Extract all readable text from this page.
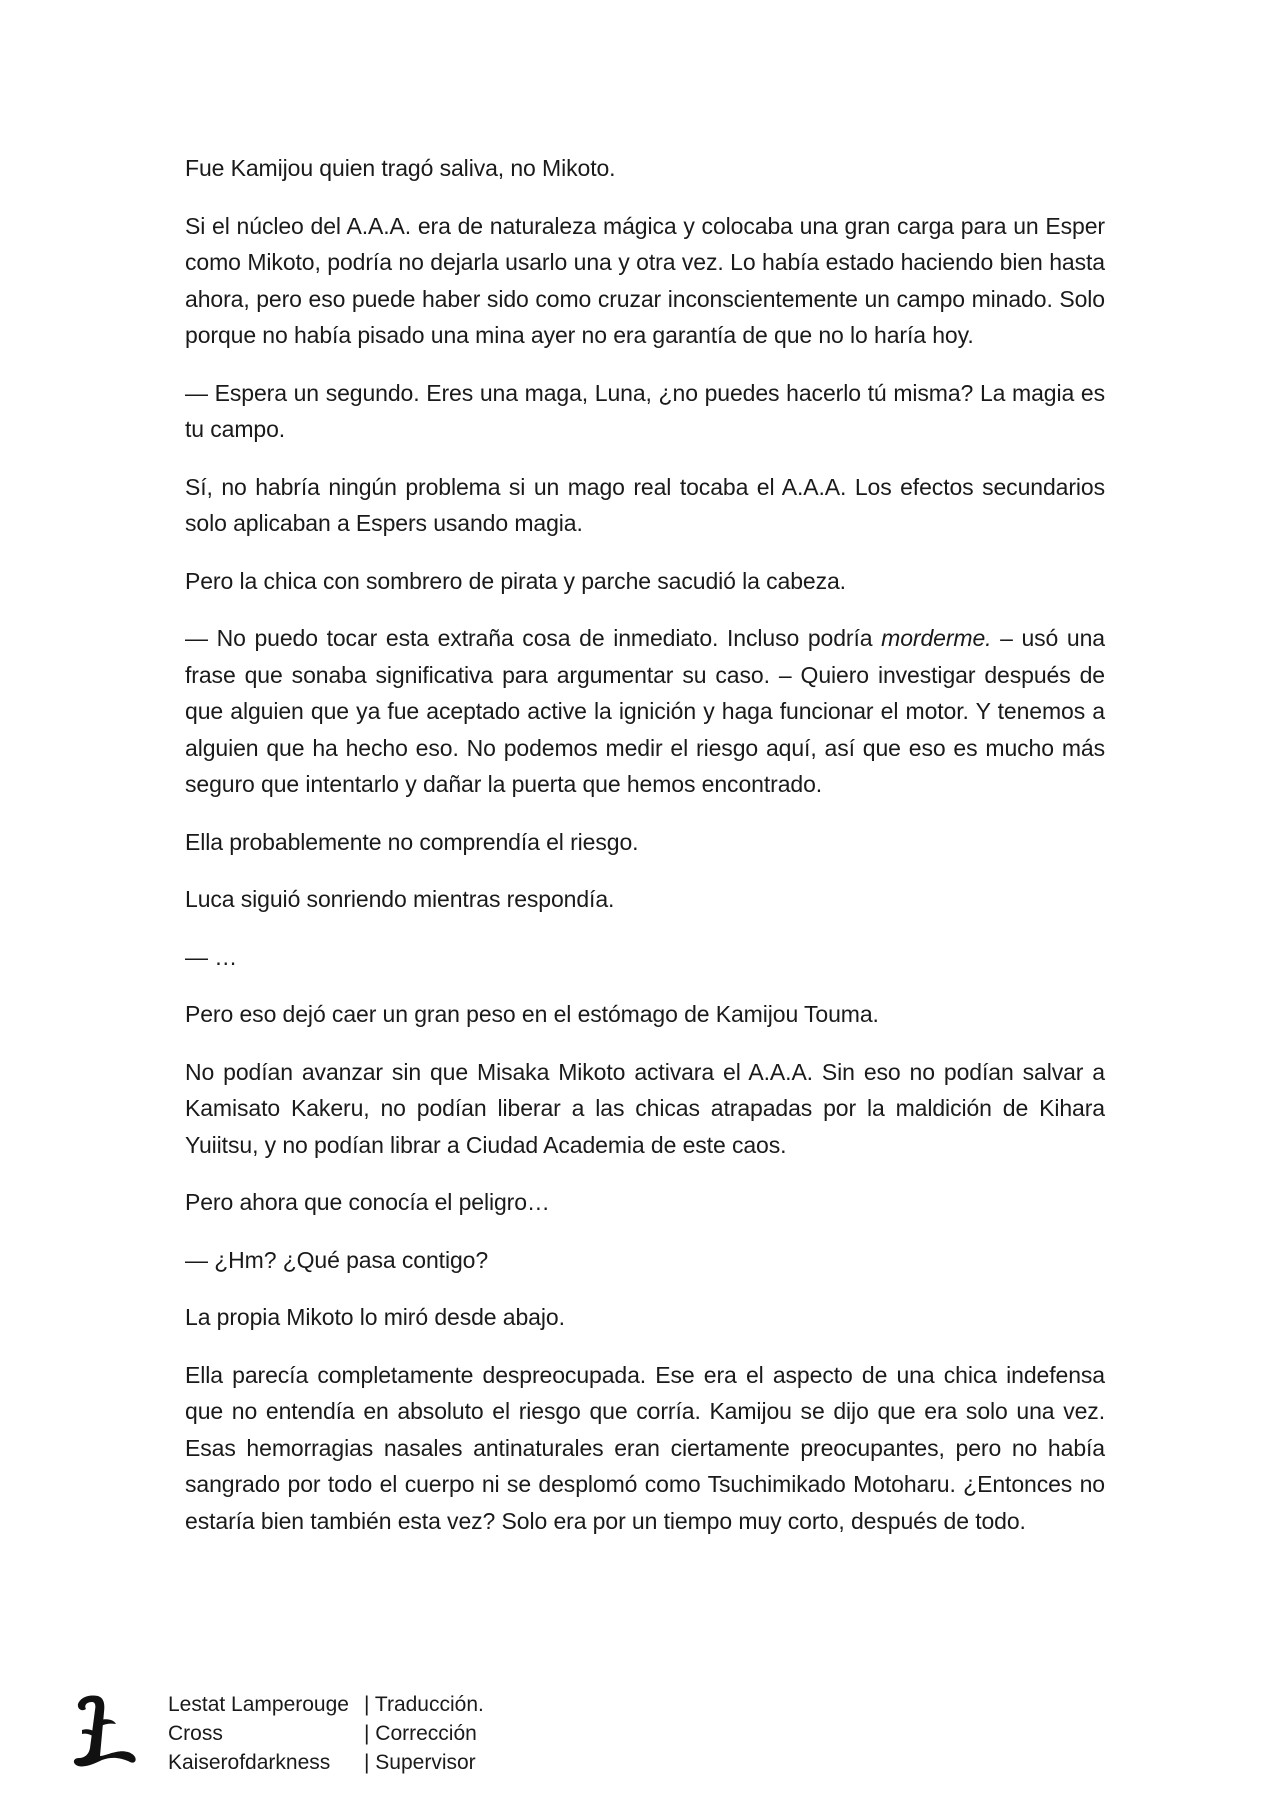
Fue Kamijou quien tragó saliva, no Mikoto.

Si el núcleo del A.A.A. era de naturaleza mágica y colocaba una gran carga para un Esper como Mikoto, podría no dejarla usarlo una y otra vez. Lo había estado haciendo bien hasta ahora, pero eso puede haber sido como cruzar inconscientemente un campo minado. Solo porque no había pisado una mina ayer no era garantía de que no lo haría hoy.

— Espera un segundo. Eres una maga, Luna, ¿no puedes hacerlo tú misma? La magia es tu campo.

Sí, no habría ningún problema si un mago real tocaba el A.A.A. Los efectos secundarios solo aplicaban a Espers usando magia.

Pero la chica con sombrero de pirata y parche sacudió la cabeza.

— No puedo tocar esta extraña cosa de inmediato. Incluso podría morderme. – usó una frase que sonaba significativa para argumentar su caso. – Quiero investigar después de que alguien que ya fue aceptado active la ignición y haga funcionar el motor. Y tenemos a alguien que ha hecho eso. No podemos medir el riesgo aquí, así que eso es mucho más seguro que intentarlo y dañar la puerta que hemos encontrado.

Ella probablemente no comprendía el riesgo.

Luca siguió sonriendo mientras respondía.

— …

Pero eso dejó caer un gran peso en el estómago de Kamijou Touma.

No podían avanzar sin que Misaka Mikoto activara el A.A.A. Sin eso no podían salvar a Kamisato Kakeru, no podían liberar a las chicas atrapadas por la maldición de Kihara Yuiitsu, y no podían librar a Ciudad Academia de este caos.

Pero ahora que conocía el peligro…

— ¿Hm? ¿Qué pasa contigo?

La propia Mikoto lo miró desde abajo.

Ella parecía completamente despreocupada. Ese era el aspecto de una chica indefensa que no entendía en absoluto el riesgo que corría. Kamijou se dijo que era solo una vez. Esas hemorragias nasales antinaturales eran ciertamente preocupantes, pero no había sangrado por todo el cuerpo ni se desplomó como Tsuchimikado Motoharu. ¿Entonces no estaría bien también esta vez? Solo era por un tiempo muy corto, después de todo.

Lestat Lamperouge | Traducción.
Cross	| Corrección
Kaiserofdarkness	| Supervisor
